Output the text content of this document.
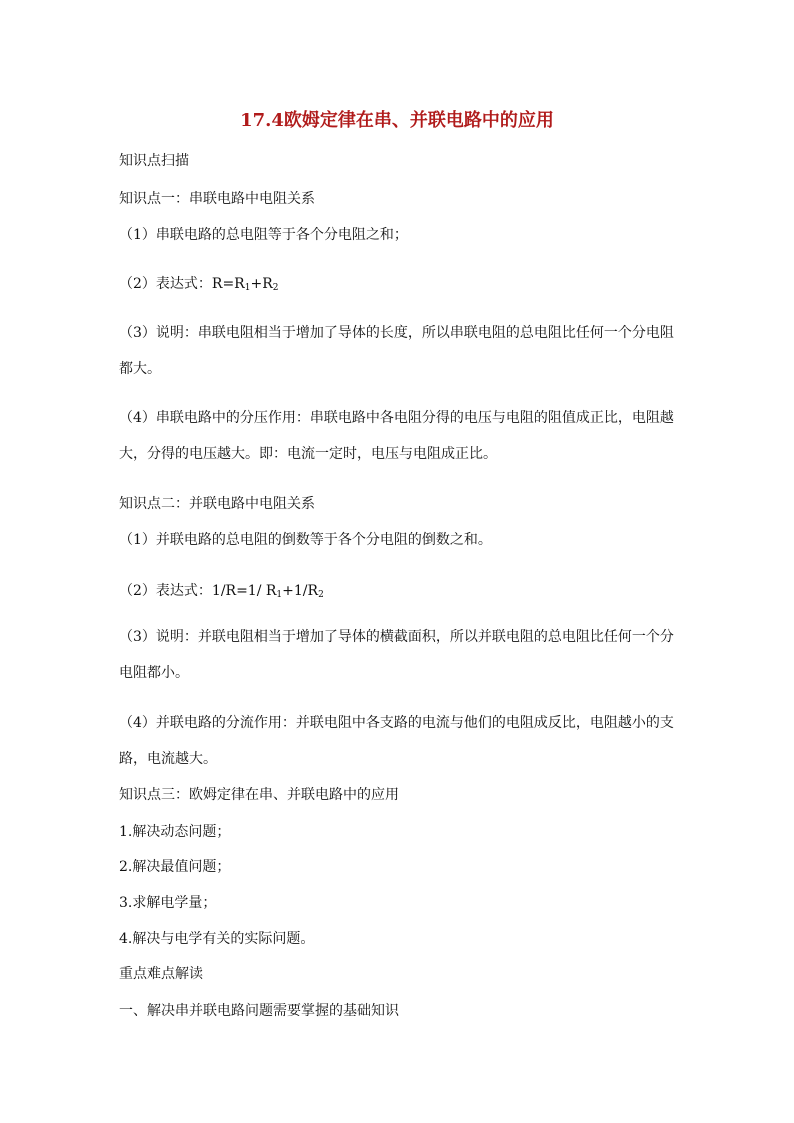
17.4欧姆定律在串、并联电路中的应用
知识点扫描
知识点一：串联电路中电阻关系
（1）串联电路的总电阻等于各个分电阻之和；
（2）表达式：$R=R_1+R_2$
（3）说明：串联电阻相当于增加了导体的长度，所以串联电阻的总电阻比任何一个分电阻都大。
（4）串联电路中的分压作用：串联电路中各电阻分得的电压与电阻的阻值成正比，电阻越大，分得的电压越大。即：电流一定时，电压与电阻成正比。
知识点二：并联电路中电阻关系
（1）并联电路的总电阻的倒数等于各个分电阻的倒数之和。
（2）表达式：1/R=1/ $R_1+1/R_2$
（3）说明：并联电阻相当于增加了导体的横截面积，所以并联电阻的总电阻比任何一个分电阻都小。
（4）并联电路的分流作用：并联电阻中各支路的电流与他们的电阻成反比，电阻越小的支路，电流越大。
知识点三：欧姆定律在串、并联电路中的应用
1.解决动态问题；
2.解决最值问题；
3.求解电学量；
4.解决与电学有关的实际问题。
重点难点解读
一、解决串并联电路问题需要掌握的基础知识
